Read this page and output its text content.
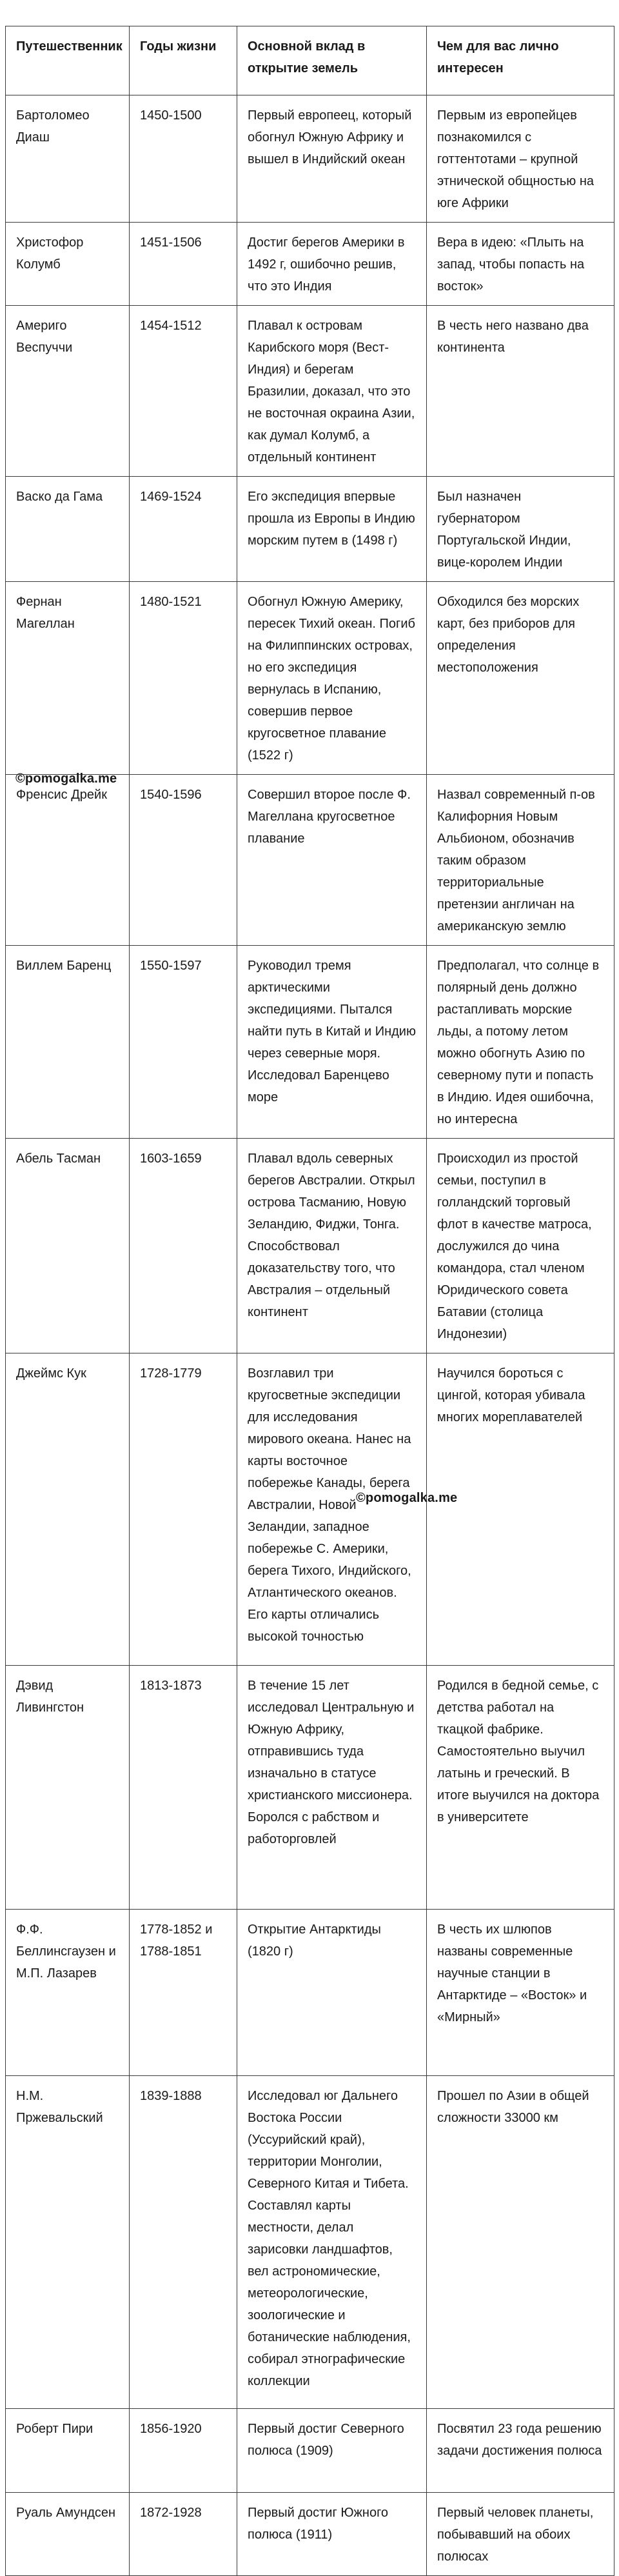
Путешественник	Годы жизни	Основной вклад в открытие земель	Чем для вас лично интересен
Бартоломео Диаш	1450-1500	Первый европеец, который обогнул Южную Африку и вышел в Индийский океан	Первым из европейцев познакомился с готтентотами – крупной этнической общностью на юге Африки
Христофор Колумб	1451-1506	Достиг берегов Америки в 1492 г, ошибочно решив, что это Индия	Вера в идею: «Плыть на запад, чтобы попасть на восток»
Америго Веспуччи	1454-1512	Плавал к островам Карибского моря (Вест-Индия) и берегам Бразилии, доказал, что это не восточная окраина Азии, как думал Колумб, а отдельный континент	В честь него названо два континента
Васко да Гама	1469-1524	Его экспедиция впервые прошла из Европы в Индию морским путем в (1498 г)	Был назначен губернатором Португальской Индии, вице-королем Индии
Фернан Магеллан	1480-1521	Обогнул Южную Америку, пересек Тихий океан. Погиб на Филиппинских островах, но его экспедиция вернулась в Испанию, совершив первое кругосветное плавание (1522 г)	Обходился без морских карт, без приборов для определения местоположения
Френсис Дрейк	1540-1596	Совершил второе после Ф. Магеллана кругосветное плавание	Назвал современный п-ов Калифорния Новым Альбионом, обозначив таким образом территориальные претензии англичан на американскую землю
Виллем Баренц	1550-1597	Руководил тремя арктическими экспедициями. Пытался найти путь в Китай и Индию через северные моря. Исследовал Баренцево море	Предполагал, что солнце в полярный день должно растапливать морские льды, а потому летом можно обогнуть Азию по северному пути и попасть в Индию. Идея ошибочна, но интересна
Абель Тасман	1603-1659	Плавал вдоль северных берегов Австралии. Открыл острова Тасманию, Новую Зеландию, Фиджи, Тонга. Способствовал доказательству того, что Австралия – отдельный континент	Происходил из простой семьи, поступил в голландский торговый флот в качестве матроса, дослужился до чина командора, стал членом Юридического совета Батавии (столица Индонезии)
Джеймс Кук	1728-1779	Возглавил три кругосветные экспедиции для исследования мирового океана. Нанес на карты восточное побережье Канады, берега Австралии, Новой Зеландии, западное побережье С. Америки, берега Тихого, Индийского, Атлантического океанов. Его карты отличались высокой точностью	Научился бороться с цингой, которая убивала многих мореплавателей
Дэвид Ливингстон	1813-1873	В течение 15 лет исследовал Центральную и Южную Африку, отправившись туда изначально в статусе христианского миссионера. Боролся с рабством и работорговлей	Родился в бедной семье, с детства работал на ткацкой фабрике. Самостоятельно выучил латынь и греческий. В итоге выучился на доктора в университете
Ф.Ф. Беллинсгаузен и М.П. Лазарев	1778-1852 и 1788-1851	Открытие Антарктиды (1820 г)	В честь их шлюпов названы современные научные станции в Антарктиде – «Восток» и «Мирный»
Н.М. Пржевальский	1839-1888	Исследовал юг Дальнего Востока России (Уссурийский край), территории Монголии, Северного Китая и Тибета. Составлял карты местности, делал зарисовки ландшафтов, вел астрономические, метеорологические, зоологические и ботанические наблюдения, собирал этнографические коллекции	Прошел по Азии в общей сложности 33000 км
Роберт Пири	1856-1920	Первый достиг Северного полюса (1909)	Посвятил 23 года решению задачи достижения полюса
Руаль Амундсен	1872-1928	Первый достиг Южного полюса (1911)	Первый человек планеты, побывавший на обоих полюсах
©pomogalka.me
©pomogalka.me
